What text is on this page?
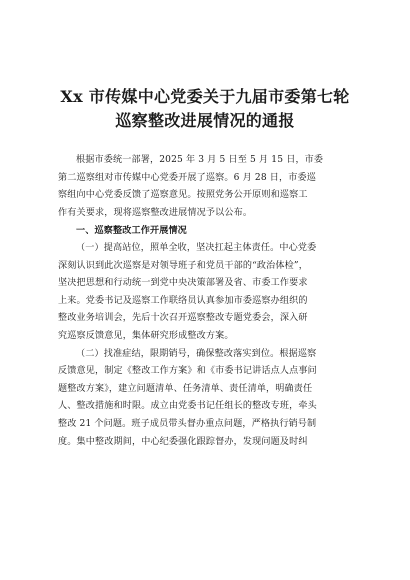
Xx 市传媒中心党委关于九届市委第七轮
巡察整改进展情况的通报

根据市委统一部署，2025 年 3 月 5 日至 5 月 15 日，市委
第二巡察组对市传媒中心党委开展了巡察。6 月 28 日，市委巡
察组向中心党委反馈了巡察意见。按照党务公开原则和巡察工
作有关要求，现将巡察整改进展情况予以公布。

一、巡察整改工作开展情况

（一）提高站位，照单全收，坚决扛起主体责任。中心党委
深刻认识到此次巡察是对领导班子和党员干部的“政治体检”，
坚决把思想和行动统一到党中央决策部署及省、市委工作要求
上来。党委书记及巡察工作联络员认真参加市委巡察办组织的
整改业务培训会，先后十次召开巡察整改专题党委会，深入研
究巡察反馈意见，集体研究形成整改方案。

（二）找准症结，限期销号，确保整改落实到位。根据巡察
反馈意见，制定《整改工作方案》和《市委书记讲话点人点事问
题整改方案》，建立问题清单、任务清单、责任清单，明确责任
人、整改措施和时限。成立由党委书记任组长的整改专班，牵头
整改 21 个问题。班子成员带头督办重点问题，严格执行销号制
度。集中整改期间，中心纪委强化跟踪督办，发现问题及时纠
